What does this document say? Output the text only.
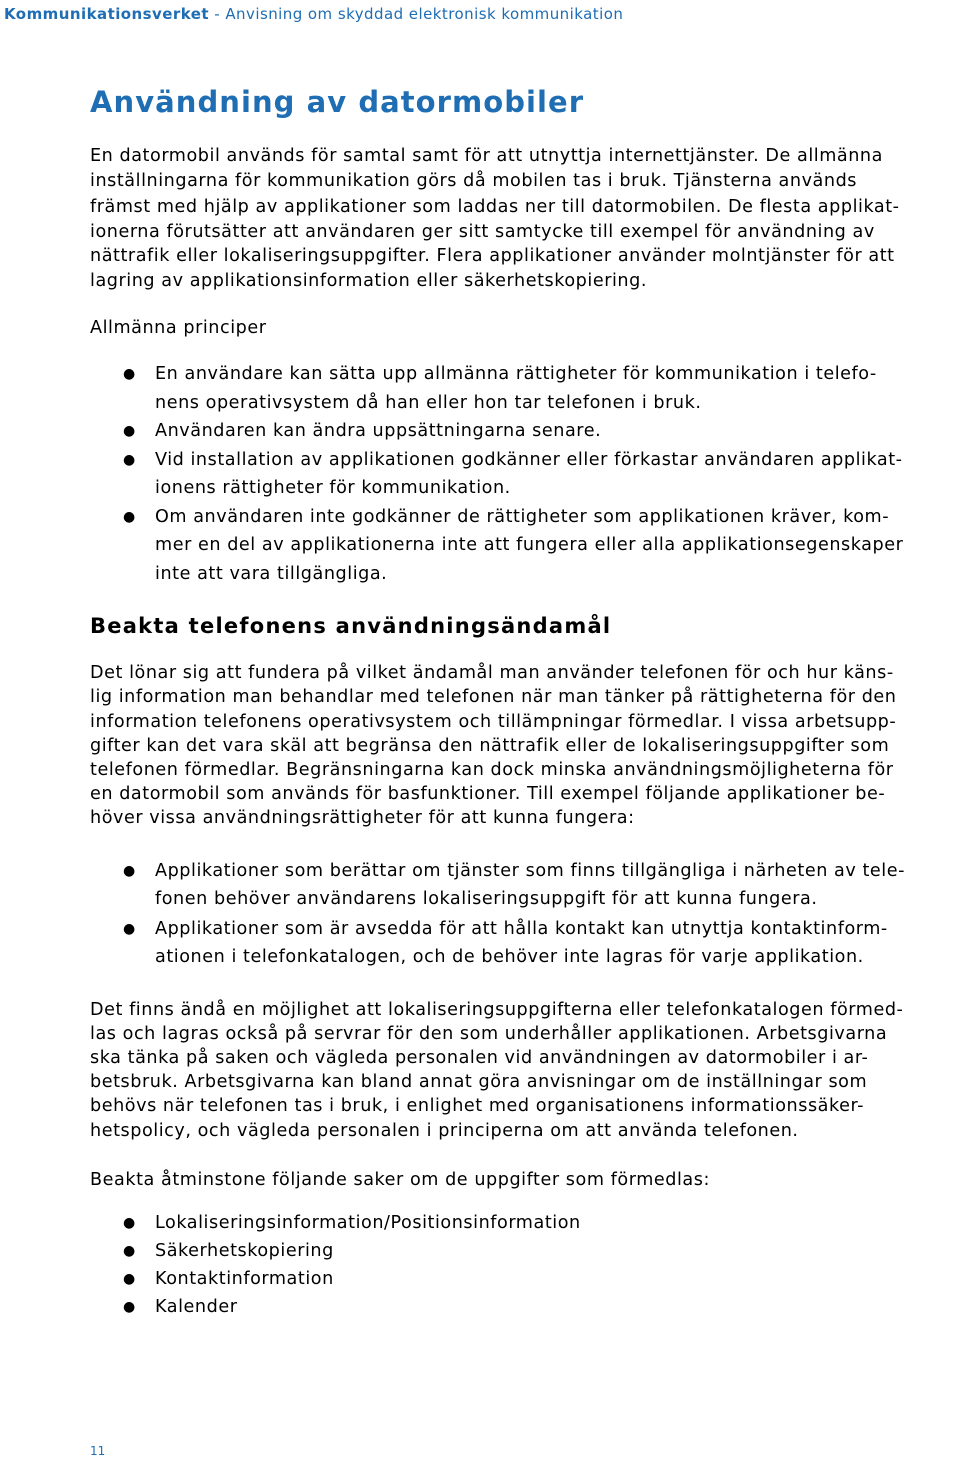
Kommunikationsverket - Anvisning om skyddad elektronisk kommunikation
Användning av datormobiler

En datormobil används för samtal samt för att utnyttja internettjänster. De allmänna

inställningarna för kommunikation görs då mobilen tas i bruk. Tjänsterna används

främst med hjälp av applikationer som laddas ner till datormobilen. De flesta applikat-

ionerna förutsätter att användaren ger sitt samtycke till exempel för användning av

nättrafik eller lokaliseringsuppgifter. Flera applikationer använder molntjänster för att

lagring av applikationsinformation eller säkerhetskopiering.

Allmänna principer

● En användare kan sätta upp allmänna rättigheter för kommunikation i telefo-
nens operativsystem då han eller hon tar telefonen i bruk.
● Användaren kan ändra uppsättningarna senare.
● Vid installation av applikationen godkänner eller förkastar användaren applikat-
ionens rättigheter för kommunikation.
● Om användaren inte godkänner de rättigheter som applikationen kräver, kom-
mer en del av applikationerna inte att fungera eller alla applikationsegenskaper
inte att vara tillgängliga.
Beakta telefonens användningsändamål

Det lönar sig att fundera på vilket ändamål man använder telefonen för och hur käns-

lig information man behandlar med telefonen när man tänker på rättigheterna för den

information telefonens operativsystem och tillämpningar förmedlar. I vissa arbetsupp-

gifter kan det vara skäl att begränsa den nättrafik eller de lokaliseringsuppgifter som

telefonen förmedlar. Begränsningarna kan dock minska användningsmöjligheterna för

en datormobil som används för basfunktioner. Till exempel följande applikationer be-

höver vissa användningsrättigheter för att kunna fungera:

● Applikationer som berättar om tjänster som finns tillgängliga i närheten av tele-
fonen behöver användarens lokaliseringsuppgift för att kunna fungera.
● Applikationer som är avsedda för att hålla kontakt kan utnyttja kontaktinform-
ationen i telefonkatalogen, och de behöver inte lagras för varje applikation.

Det finns ändå en möjlighet att lokaliseringsuppgifterna eller telefonkatalogen förmed-

las och lagras också på servrar för den som underhåller applikationen. Arbetsgivarna

ska tänka på saken och vägleda personalen vid användningen av datormobiler i ar-

betsbruk. Arbetsgivarna kan bland annat göra anvisningar om de inställningar som

behövs när telefonen tas i bruk, i enlighet med organisationens informationssäker-

hetspolicy, och vägleda personalen i principerna om att använda telefonen.

Beakta åtminstone följande saker om de uppgifter som förmedlas:

● Lokaliseringsinformation/Positionsinformation
● Säkerhetskopiering
● Kontaktinformation
● Kalender
11
